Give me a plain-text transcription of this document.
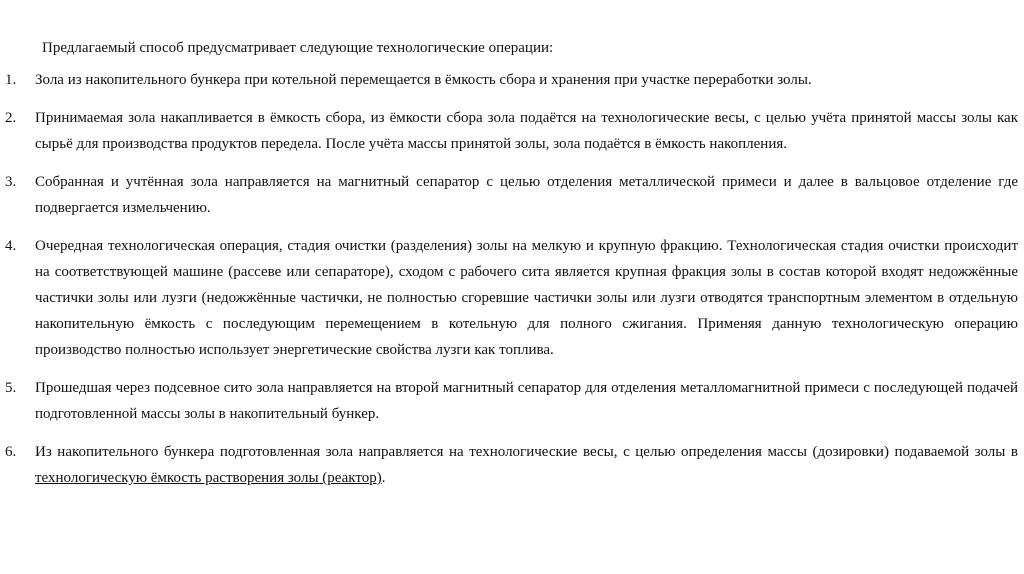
Предлагаемый способ предусматривает следующие технологические операции:
1. Зола из накопительного бункера при котельной перемещается в ёмкость сбора и хранения при участке переработки золы.
2. Принимаемая зола накапливается в ёмкость сбора, из ёмкости сбора зола подаётся на технологические весы, с целью учёта принятой массы золы как сырьё для производства продуктов передела. После учёта массы принятой золы, зола подаётся в ёмкость накопления.
3. Собранная и учтённая зола направляется на магнитный сепаратор с целью отделения металлической примеси и далее в вальцовое отделение где подвергается измельчению.
4. Очередная технологическая операция, стадия очистки (разделения) золы на мелкую и крупную фракцию. Технологическая стадия очистки происходит на соответствующей машине (рассеве или сепараторе), сходом с рабочего сита является крупная фракция золы в состав которой входят недожжённые частички золы или лузги (недожжённые частички, не полностью сгоревшие частички золы или лузги отводятся транспортным элементом в отдельную накопительную ёмкость с последующим перемещением в котельную для полного сжигания. Применяя данную технологическую операцию производство полностью использует энергетические свойства лузги как топлива.
5. Прошедшая через подсевное сито зола направляется на второй магнитный сепаратор для отделения металломагнитной примеси с последующей подачей подготовленной массы золы в накопительный бункер.
6. Из накопительного бункера подготовленная зола направляется на технологические весы, с целью определения массы (дозировки) подаваемой золы в технологическую ёмкость растворения золы (реактор).
